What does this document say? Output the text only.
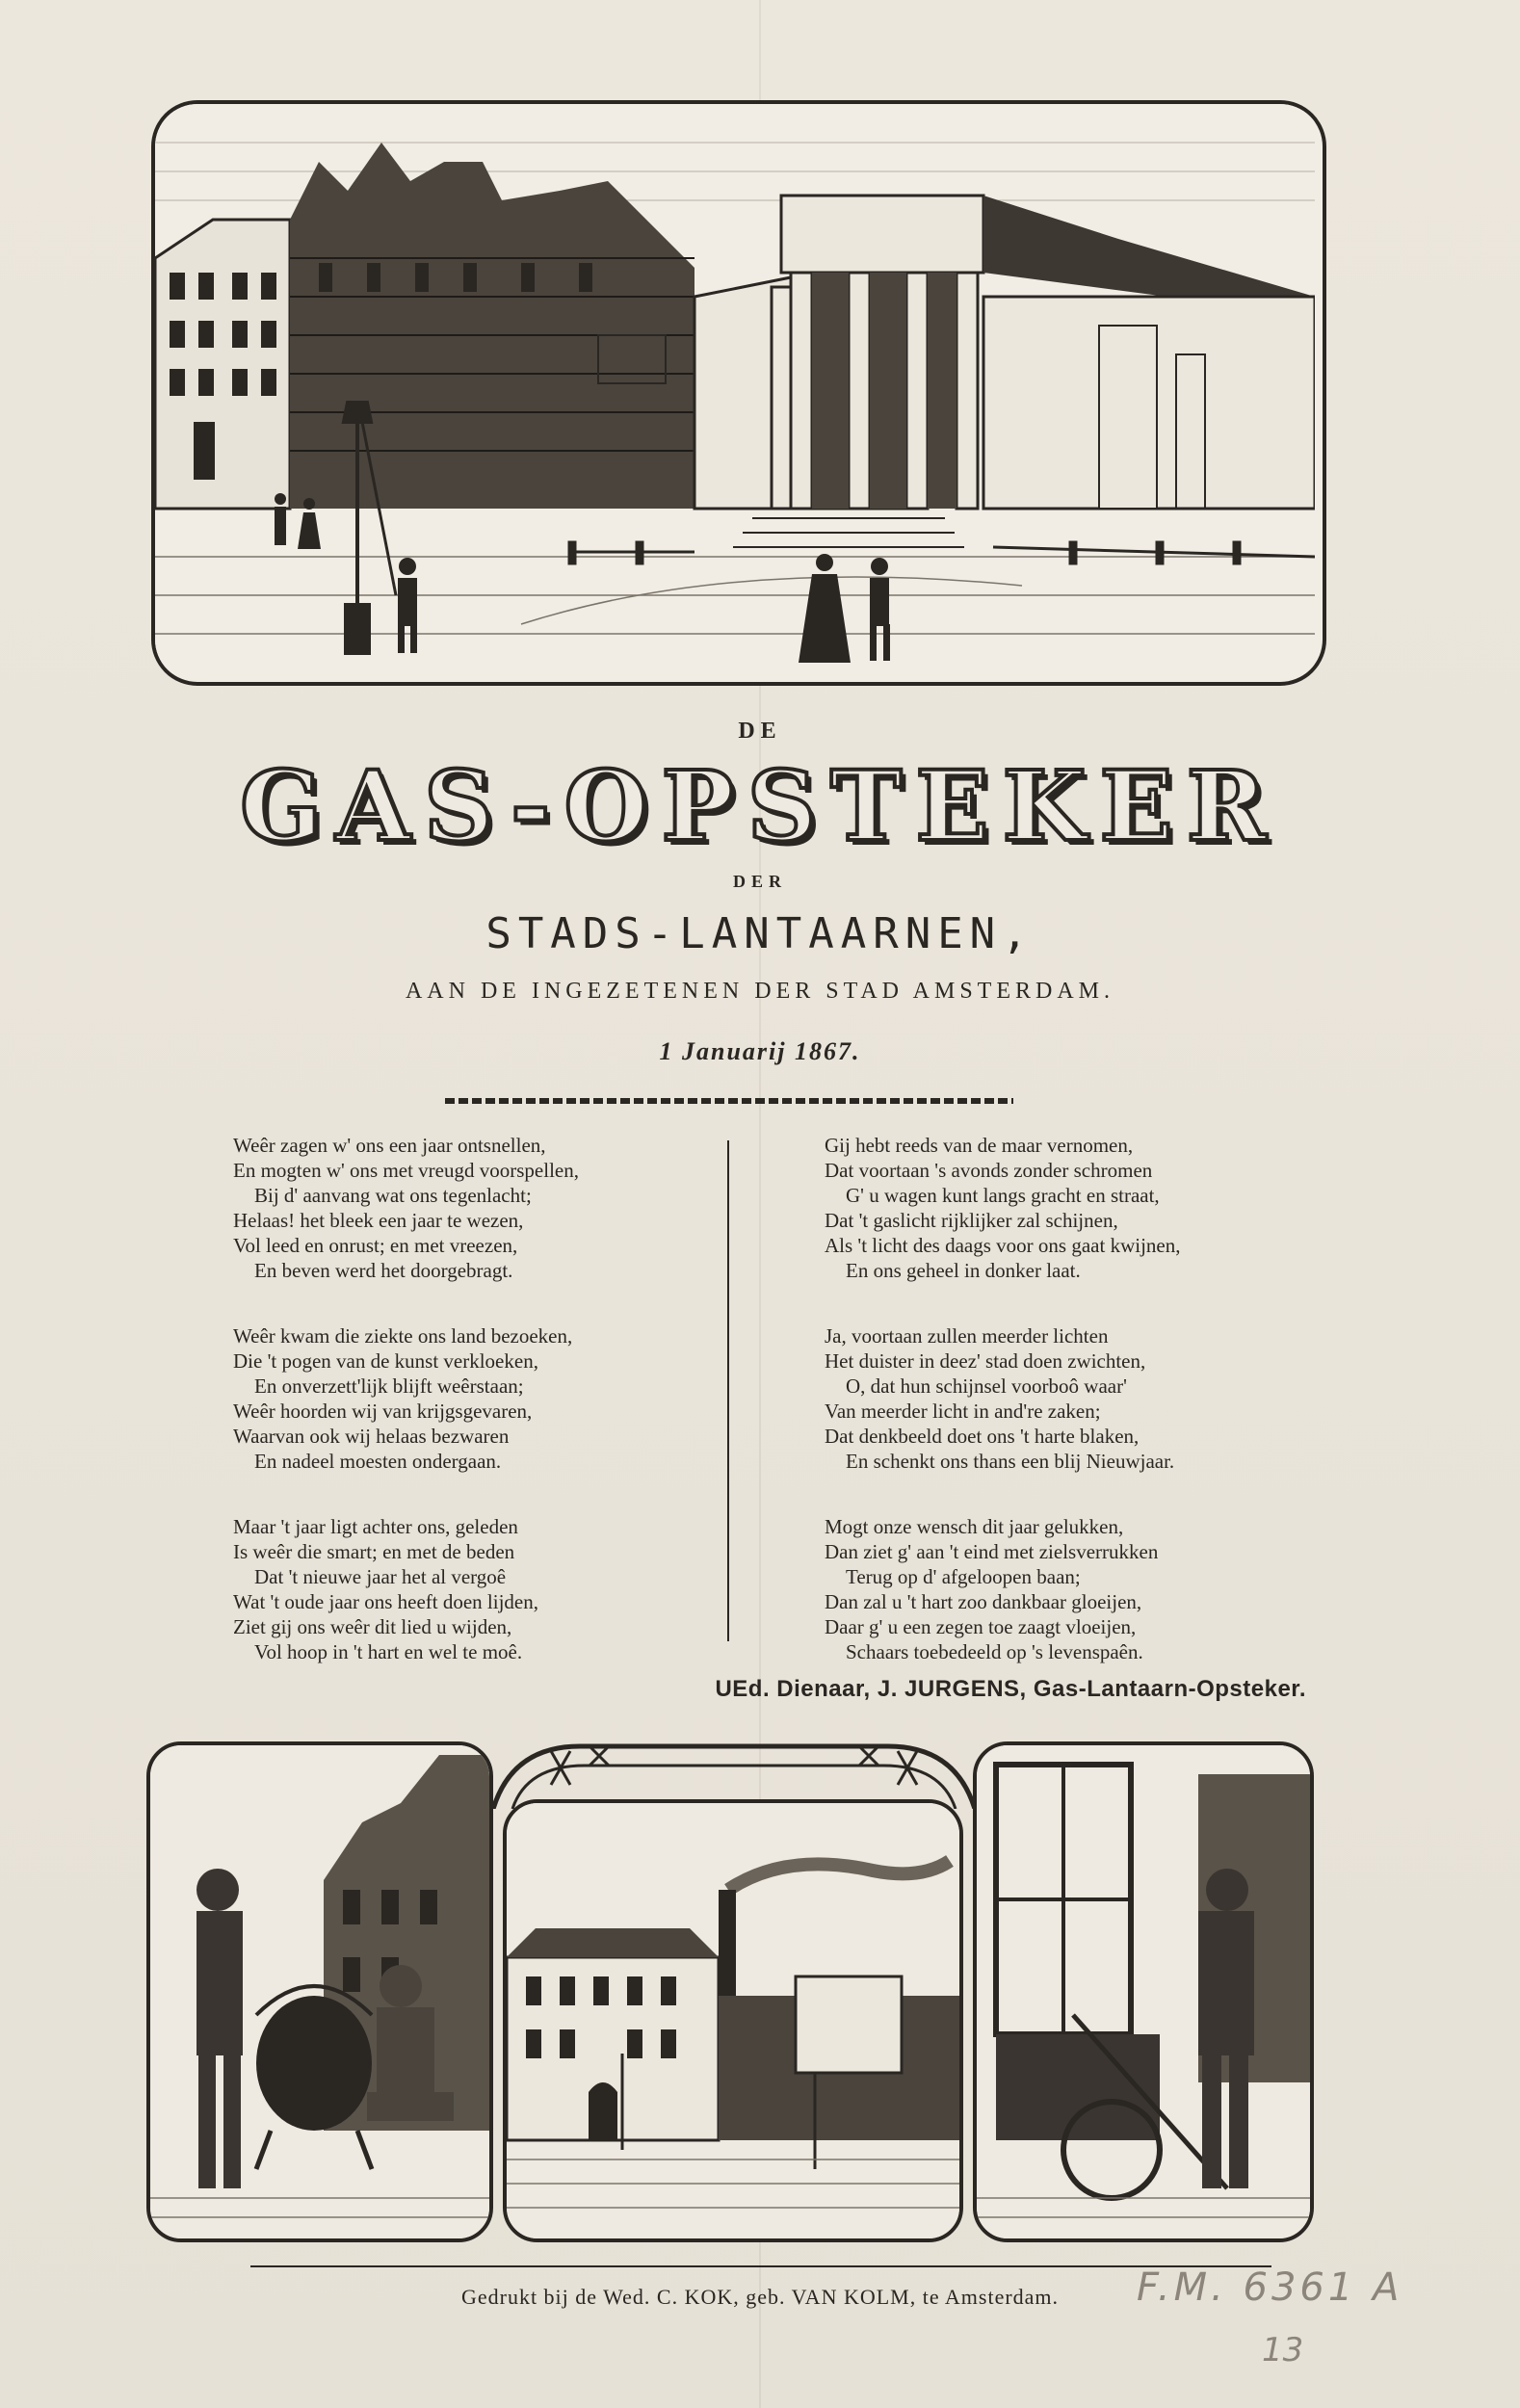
DE
GAS-OPSTEKER
DER
STADS-LANTAARNEN,
AAN DE INGEZETENEN DER STAD AMSTERDAM.
1 Januarij 1867.
Weêr zagen w' ons een jaar ontsnellen,
En mogten w' ons met vreugd voorspellen,
Bij d' aanvang wat ons tegenlacht;
Helaas! het bleek een jaar te wezen,
Vol leed en onrust; en met vreezen,
En beven werd het doorgebragt.
Weêr kwam die ziekte ons land bezoeken,
Die 't pogen van de kunst verkloeken,
En onverzett'lijk blijft weêrstaan;
Weêr hoorden wij van krijgsgevaren,
Waarvan ook wij helaas bezwaren
En nadeel moesten ondergaan.
Maar 't jaar ligt achter ons, geleden
Is weêr die smart; en met de beden
Dat 't nieuwe jaar het al vergoê
Wat 't oude jaar ons heeft doen lijden,
Ziet gij ons weêr dit lied u wijden,
Vol hoop in 't hart en wel te moê.
Gij hebt reeds van de maar vernomen,
Dat voortaan 's avonds zonder schromen
G' u wagen kunt langs gracht en straat,
Dat 't gaslicht rijklijker zal schijnen,
Als 't licht des daags voor ons gaat kwijnen,
En ons geheel in donker laat.
Ja, voortaan zullen meerder lichten
Het duister in deez' stad doen zwichten,
O, dat hun schijnsel voorboô waar'
Van meerder licht in and're zaken;
Dat denkbeeld doet ons 't harte blaken,
En schenkt ons thans een blij Nieuwjaar.
Mogt onze wensch dit jaar gelukken,
Dan ziet g' aan 't eind met zielsverrukken
Terug op d' afgeloopen baan;
Dan zal u 't hart zoo dankbaar gloeijen,
Daar g' u een zegen toe zaagt vloeijen,
Schaars toebedeeld op 's levenspaên.
UEd. Dienaar, J. JURGENS, Gas-Lantaarn-Opsteker.
Gedrukt bij de Wed. C. KOK, geb. VAN KOLM, te Amsterdam.	F.M. 6361 A
13
